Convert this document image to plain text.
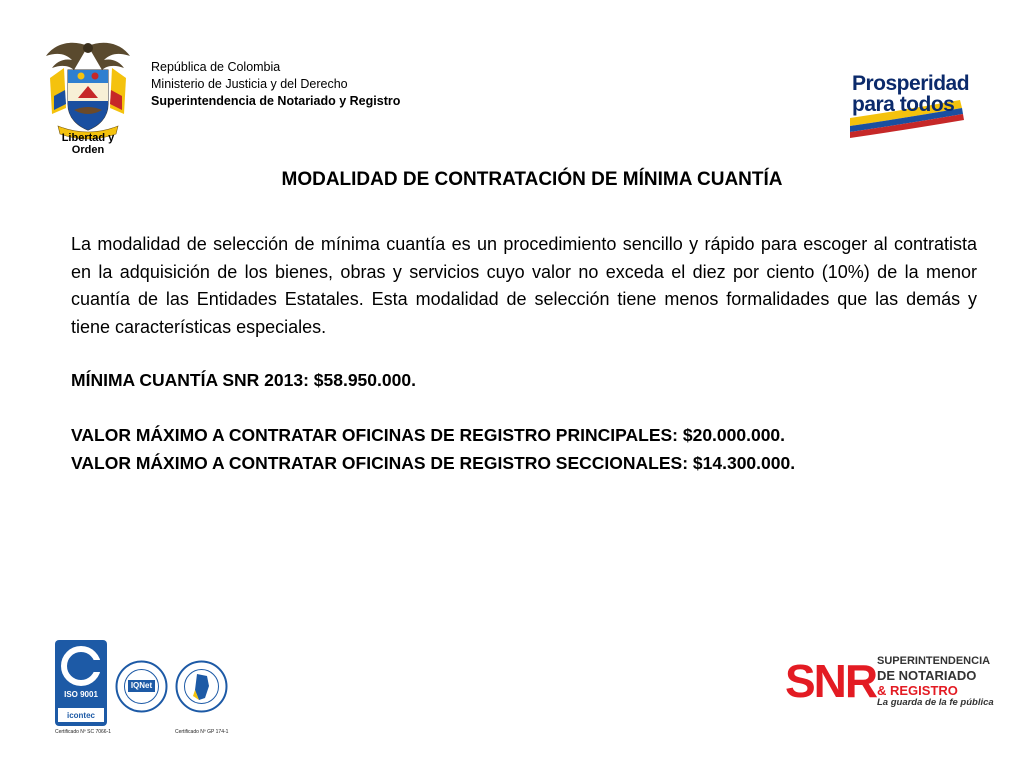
Libertad y Orden
República de Colombia
Ministerio de Justicia y del Derecho
Superintendencia de Notariado y Registro
Prosperidad
para todos
MODALIDAD DE CONTRATACIÓN DE MÍNIMA CUANTÍA
La modalidad de selección de mínima cuantía es un procedimiento sencillo y rápido para escoger al contratista en la adquisición de los bienes, obras y servicios cuyo valor no exceda el diez por ciento (10%) de la menor cuantía de las Entidades Estatales. Esta modalidad de selección tiene menos formalidades que las demás y tiene características especiales.
MÍNIMA CUANTÍA SNR 2013: $58.950.000.
VALOR MÁXIMO A CONTRATAR OFICINAS DE REGISTRO PRINCIPALES: $20.000.000.
VALOR MÁXIMO A CONTRATAR OFICINAS DE REGISTRO SECCIONALES: $14.300.000.
ISO 9001
icontec
IQNet
Certificado Nº SC 7066-1	Certificado Nº GP 174-1
SNR SUPERINTENDENCIA
DE NOTARIADO
& REGISTRO
La guarda de la fe pública
